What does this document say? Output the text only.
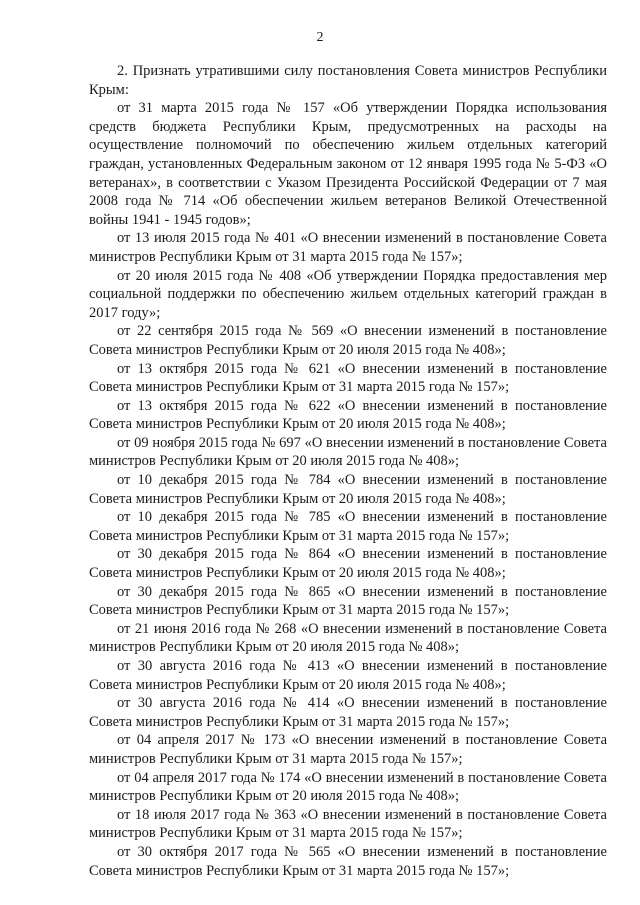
2

2. Признать утратившими силу постановления Совета министров Республики Крым:

от 31 марта 2015 года № 157 «Об утверждении Порядка использования средств бюджета Республики Крым, предусмотренных на расходы на осуществление полномочий по обеспечению жильем отдельных категорий граждан, установленных Федеральным законом от 12 января 1995 года № 5-ФЗ «О ветеранах», в соответствии с Указом Президента Российской Федерации от 7 мая 2008 года № 714 «Об обеспечении жильем ветеранов Великой Отечественной войны 1941 - 1945 годов»;

от 13 июля 2015 года № 401 «О внесении изменений в постановление Совета министров Республики Крым от 31 марта 2015 года № 157»;

от 20 июля 2015 года № 408 «Об утверждении Порядка предоставления мер социальной поддержки по обеспечению жильем отдельных категорий граждан в 2017 году»;

от 22 сентября 2015 года № 569 «О внесении изменений в постановление Совета министров Республики Крым от 20 июля 2015 года № 408»;

от 13 октября 2015 года № 621 «О внесении изменений в постановление Совета министров Республики Крым от 31 марта 2015 года № 157»;

от 13 октября 2015 года № 622 «О внесении изменений в постановление Совета министров Республики Крым от 20 июля 2015 года № 408»;

от 09 ноября 2015 года № 697 «О внесении изменений в постановление Совета министров Республики Крым от 20 июля 2015 года № 408»;

от 10 декабря 2015 года № 784 «О внесении изменений в постановление Совета министров Республики Крым от 20 июля 2015 года № 408»;

от 10 декабря 2015 года № 785 «О внесении изменений в постановление Совета министров Республики Крым от 31 марта 2015 года № 157»;

от 30 декабря 2015 года № 864 «О внесении изменений в постановление Совета министров Республики Крым от 20 июля 2015 года № 408»;

от 30 декабря 2015 года № 865 «О внесении изменений в постановление Совета министров Республики Крым от 31 марта 2015 года № 157»;

от 21 июня 2016 года № 268 «О внесении изменений в постановление Совета министров Республики Крым от 20 июля 2015 года № 408»;

от 30 августа 2016 года № 413 «О внесении изменений в постановление Совета министров Республики Крым от 20 июля 2015 года № 408»;

от 30 августа 2016 года № 414 «О внесении изменений в постановление Совета министров Республики Крым от 31 марта 2015 года № 157»;

от 04 апреля 2017 № 173 «О внесении изменений в постановление Совета министров Республики Крым от 31 марта 2015 года № 157»;

от 04 апреля 2017 года № 174 «О внесении изменений в постановление Совета министров Республики Крым от 20 июля 2015 года № 408»;

от 18 июля 2017 года № 363 «О внесении изменений в постановление Совета министров Республики Крым от 31 марта 2015 года № 157»;

от 30 октября 2017 года № 565 «О внесении изменений в постановление Совета министров Республики Крым от 31 марта 2015 года № 157»;
